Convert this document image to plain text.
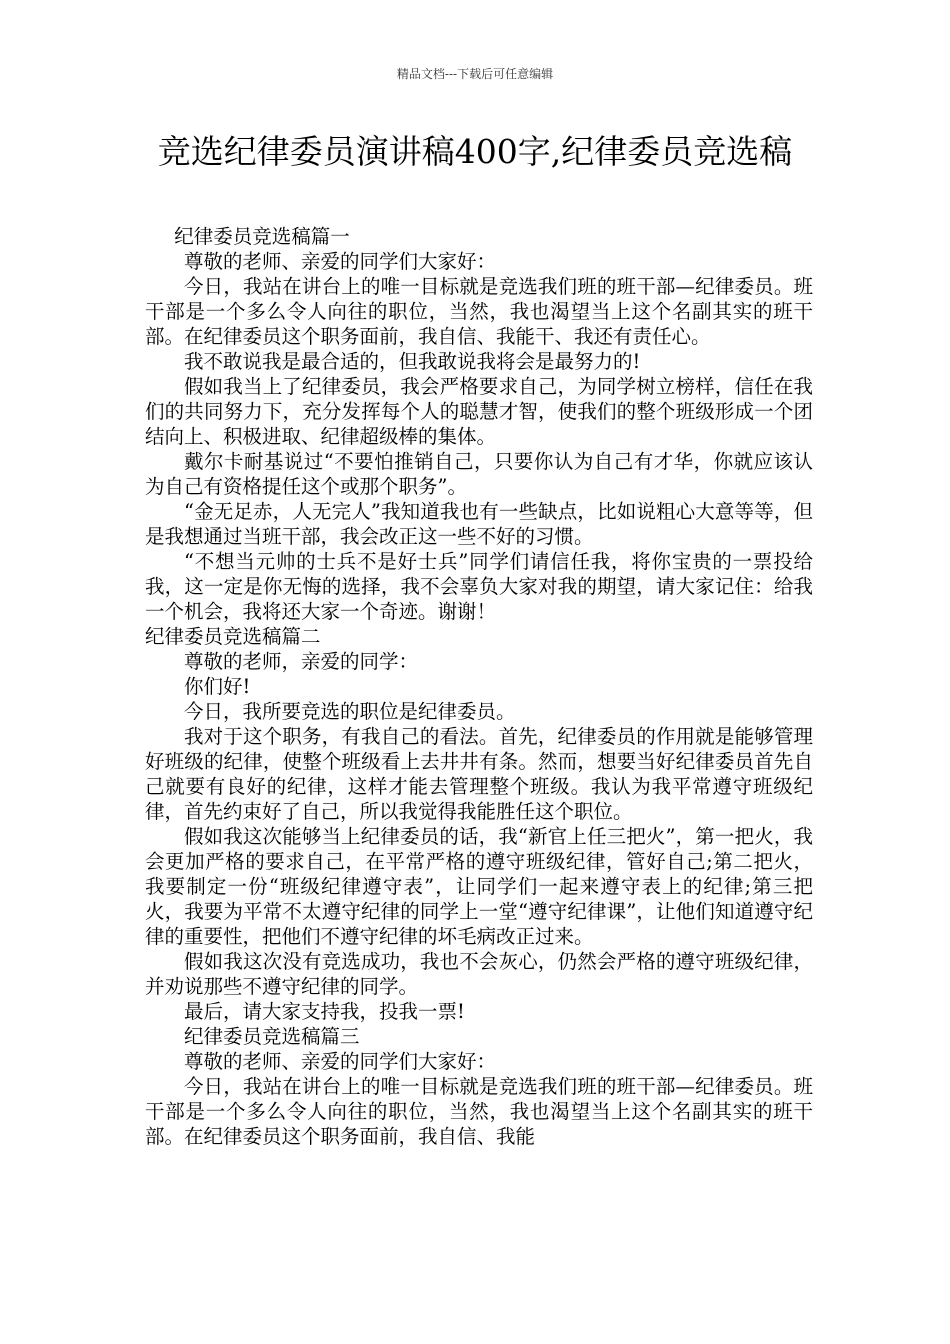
精品文档---下载后可任意编辑
竞选纪律委员演讲稿400字,纪律委员竞选稿

纪律委员竞选稿篇一

尊敬的老师、亲爱的同学们大家好：

今日，我站在讲台上的唯一目标就是竞选我们班的班干部—纪律委员。班干部是一个多么令人向往的职位，当然，我也渴望当上这个名副其实的班干部。在纪律委员这个职务面前，我自信、我能干、我还有责任心。

我不敢说我是最合适的，但我敢说我将会是最努力的!

假如我当上了纪律委员，我会严格要求自己，为同学树立榜样，信任在我们的共同努力下，充分发挥每个人的聪慧才智，使我们的整个班级形成一个团结向上、积极进取、纪律超级棒的集体。

戴尔卡耐基说过“不要怕推销自己，只要你认为自己有才华，你就应该认为自己有资格提任这个或那个职务”。

“金无足赤，人无完人”我知道我也有一些缺点，比如说粗心大意等等，但是我想通过当班干部，我会改正这一些不好的习惯。

“不想当元帅的士兵不是好士兵”同学们请信任我，将你宝贵的一票投给我，这一定是你无悔的选择，我不会辜负大家对我的期望，请大家记住：给我一个机会，我将还大家一个奇迹。谢谢！

纪律委员竞选稿篇二

尊敬的老师，亲爱的同学：

你们好!

今日，我所要竞选的职位是纪律委员。

我对于这个职务，有我自己的看法。首先，纪律委员的作用就是能够管理好班级的纪律，使整个班级看上去井井有条。然而，想要当好纪律委员首先自己就要有良好的纪律，这样才能去管理整个班级。我认为我平常遵守班级纪律，首先约束好了自己，所以我觉得我能胜任这个职位。

假如我这次能够当上纪律委员的话，我“新官上任三把火”，第一把火，我会更加严格的要求自己，在平常严格的遵守班级纪律，管好自己;第二把火，我要制定一份“班级纪律遵守表”，让同学们一起来遵守表上的纪律;第三把火，我要为平常不太遵守纪律的同学上一堂“遵守纪律课”，让他们知道遵守纪律的重要性，把他们不遵守纪律的坏毛病改正过来。

假如我这次没有竞选成功，我也不会灰心，仍然会严格的遵守班级纪律，并劝说那些不遵守纪律的同学。

最后，请大家支持我，投我一票!

纪律委员竞选稿篇三

尊敬的老师、亲爱的同学们大家好：

今日，我站在讲台上的唯一目标就是竞选我们班的班干部—纪律委员。班干部是一个多么令人向往的职位，当然，我也渴望当上这个名副其实的班干部。在纪律委员这个职务面前，我自信、我能
